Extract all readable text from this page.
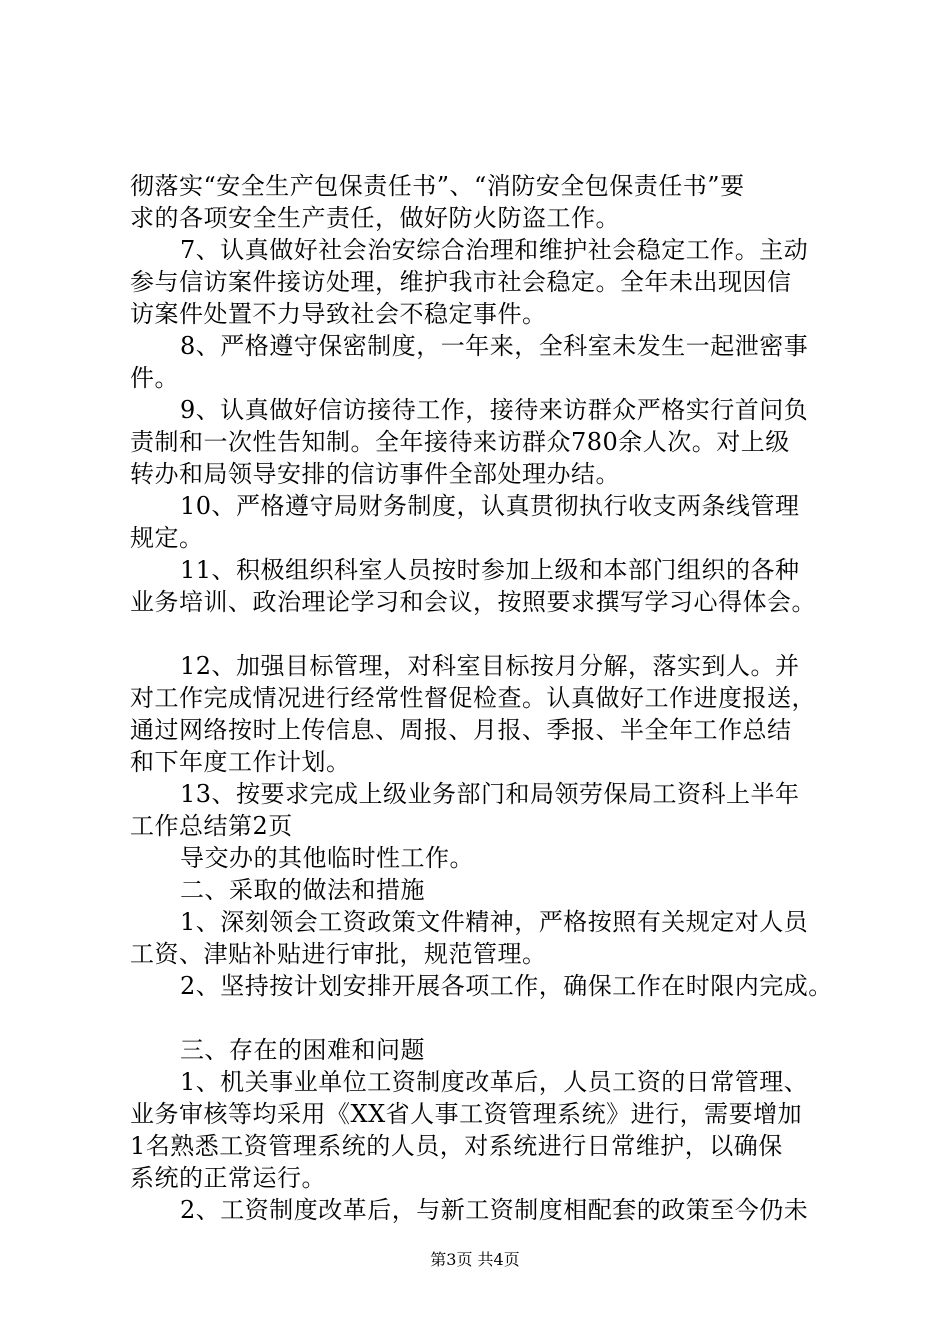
彻落实“安全生产包保责任书”、“消防安全包保责任书”要
求的各项安全生产责任，做好防火防盗工作。
7、认真做好社会治安综合治理和维护社会稳定工作。主动
参与信访案件接访处理，维护我市社会稳定。全年未出现因信
访案件处置不力导致社会不稳定事件。
8、严格遵守保密制度，一年来，全科室未发生一起泄密事
件。
9、认真做好信访接待工作，接待来访群众严格实行首问负
责制和一次性告知制。全年接待来访群众780余人次。对上级
转办和局领导安排的信访事件全部处理办结。
10、严格遵守局财务制度，认真贯彻执行收支两条线管理
规定。
11、积极组织科室人员按时参加上级和本部门组织的各种
业务培训、政治理论学习和会议，按照要求撰写学习心得体会。
12、加强目标管理，对科室目标按月分解，落实到人。并
对工作完成情况进行经常性督促检查。认真做好工作进度报送，
通过网络按时上传信息、周报、月报、季报、半全年工作总结
和下年度工作计划。
13、按要求完成上级业务部门和局领劳保局工资科上半年
工作总结第2页
导交办的其他临时性工作。
二、采取的做法和措施
1、深刻领会工资政策文件精神，严格按照有关规定对人员
工资、津贴补贴进行审批，规范管理。
2、坚持按计划安排开展各项工作，确保工作在时限内完成。
三、存在的困难和问题
1、机关事业单位工资制度改革后，人员工资的日常管理、
业务审核等均采用《XX省人事工资管理系统》进行，需要增加
1名熟悉工资管理系统的人员，对系统进行日常维护，以确保
系统的正常运行。
2、工资制度改革后，与新工资制度相配套的政策至今仍未
第3页 共4页
